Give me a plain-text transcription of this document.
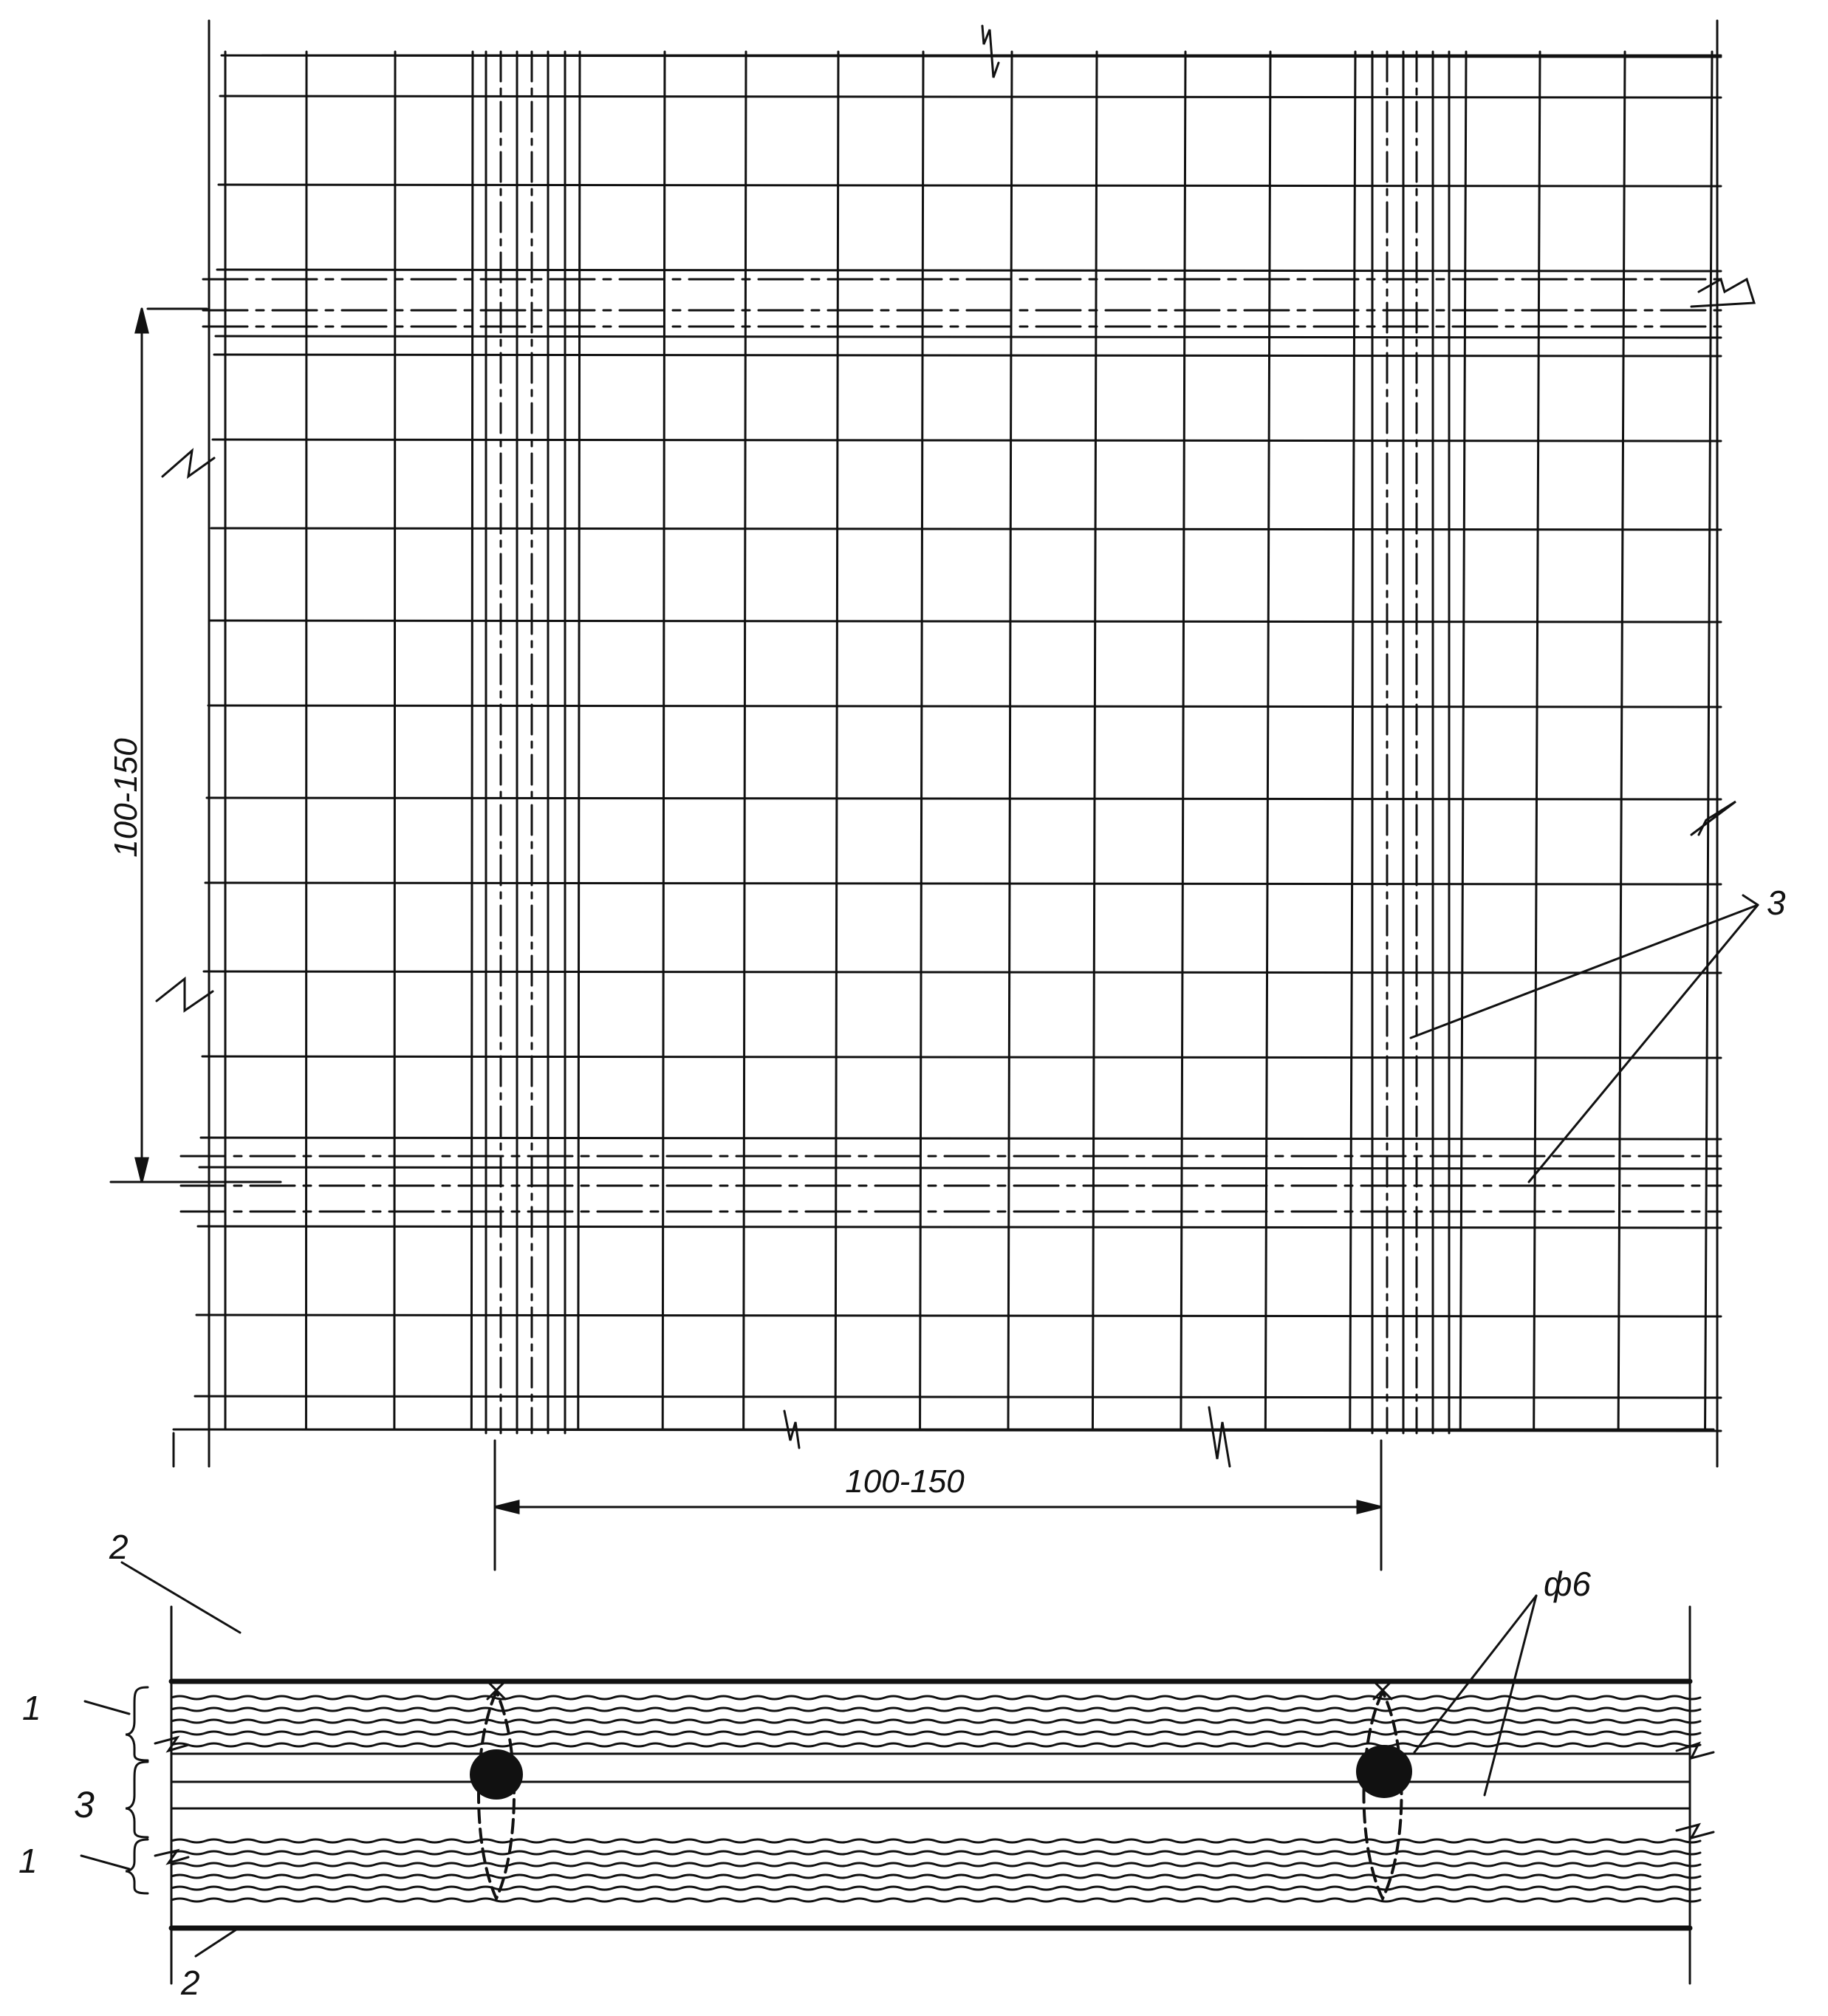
100-150
100-150
3
ф6
2
1
3
1
2
